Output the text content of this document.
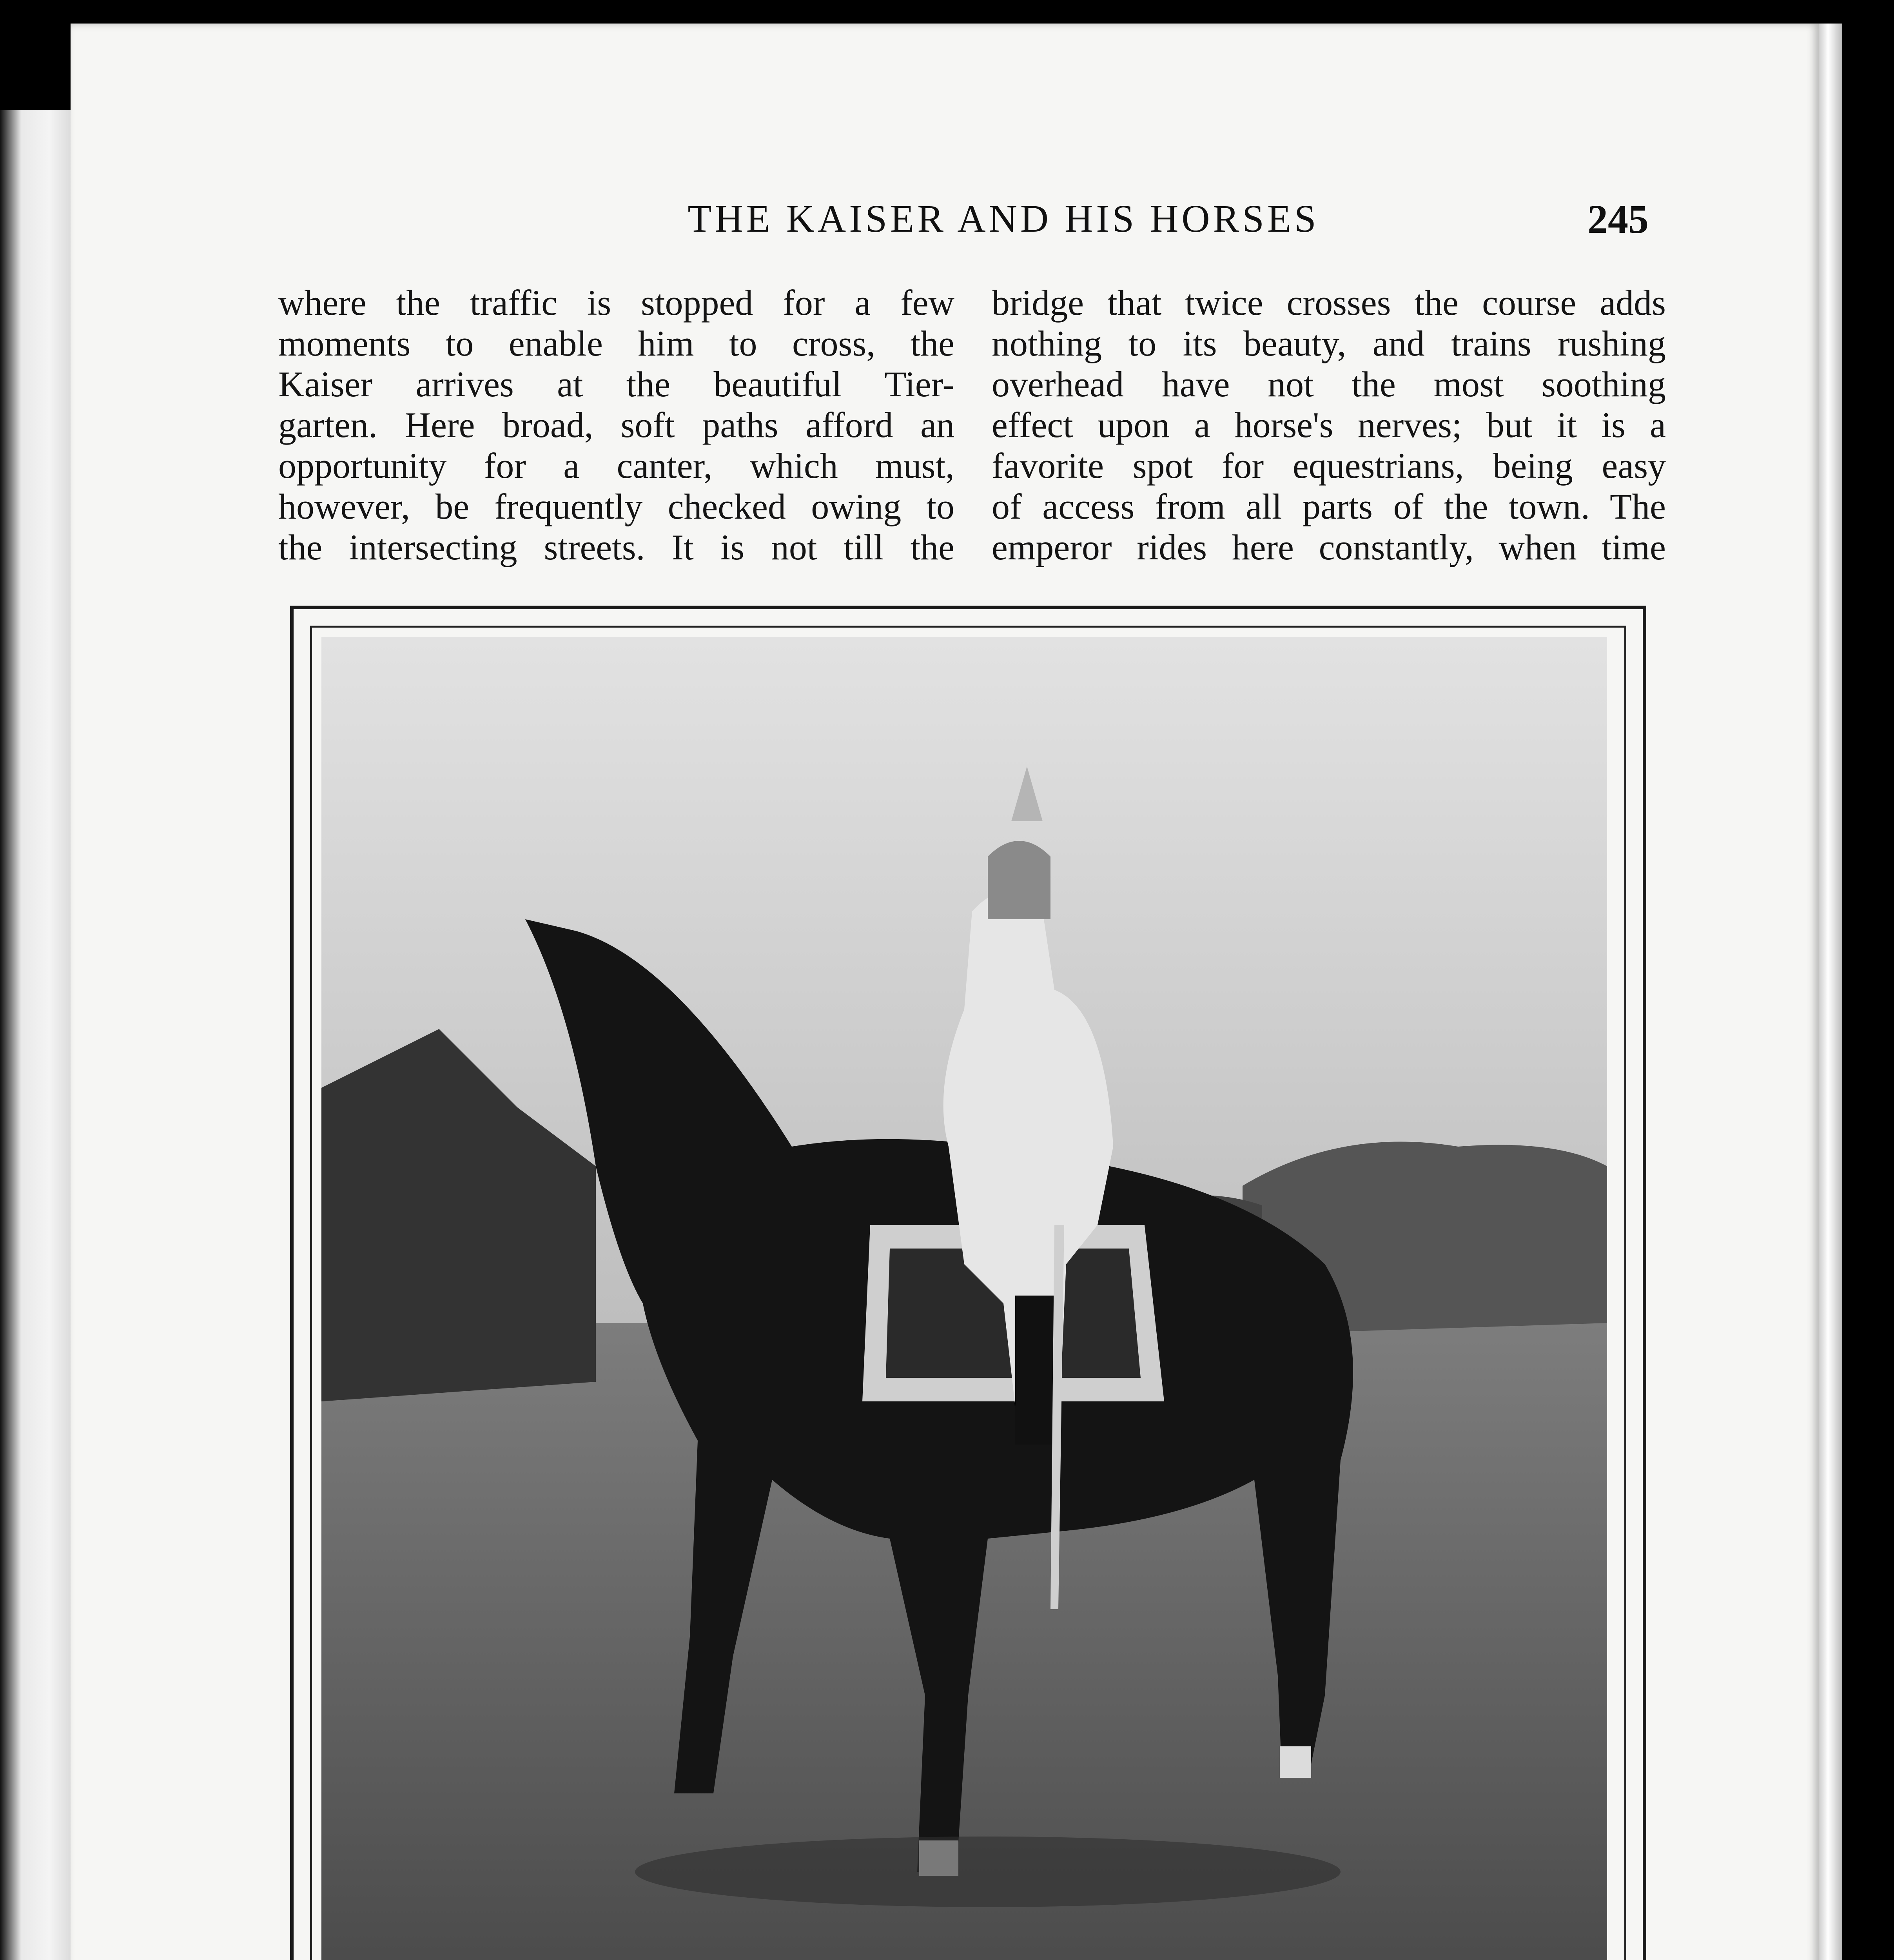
THE KAISER AND HIS HORSES	245
where the traffic is stopped for a few
moments to enable him to cross, the
Kaiser arrives at the beautiful Tier-
garten. Here broad, soft paths afford an
opportunity for a canter, which must,
however, be frequently checked owing to
the intersecting streets. It is not till the
bridge that twice crosses the course adds
nothing to its beauty, and trains rushing
overhead have not the most soothing
effect upon a horse's nerves; but it is a
favorite spot for equestrians, being easy
of access from all parts of the town. The
emperor rides here constantly, when time
